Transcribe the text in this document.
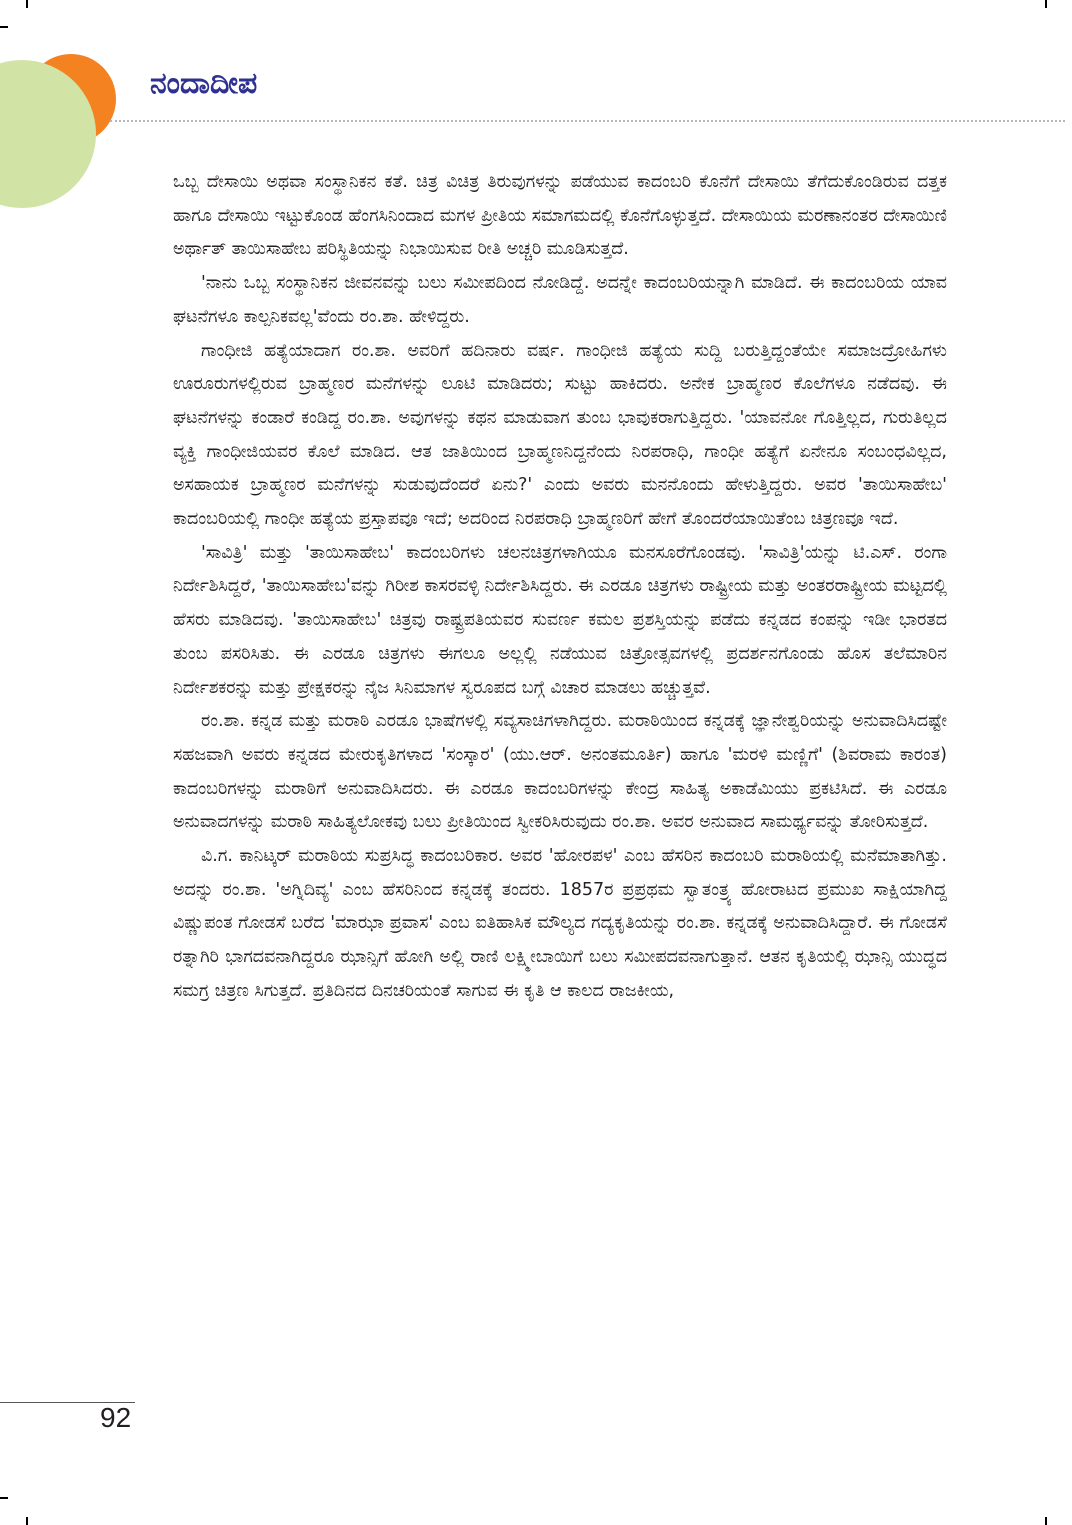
ನಂದಾದೀಪ

ಒಬ್ಬ ದೇಸಾಯಿ ಅಥವಾ ಸಂಸ್ಥಾನಿಕನ ಕತೆ. ಚಿತ್ರ ವಿಚಿತ್ರ ತಿರುವುಗಳನ್ನು ಪಡೆಯುವ ಕಾದಂಬರಿ ಕೊನೆಗೆ ದೇಸಾಯಿ ತೆಗೆದುಕೊಂಡಿರುವ ದತ್ತಕ ಹಾಗೂ ದೇಸಾಯಿ ಇಟ್ಟುಕೊಂಡ ಹೆಂಗಸಿನಿಂದಾದ ಮಗಳ ಪ್ರೀತಿಯ ಸಮಾಗಮದಲ್ಲಿ ಕೊನೆಗೊಳ್ಳುತ್ತದೆ. ದೇಸಾಯಿಯ ಮರಣಾನಂತರ ದೇಸಾಯಿಣಿ ಅರ್ಥಾತ್ ತಾಯಿಸಾಹೇಬ ಪರಿಸ್ಥಿತಿಯನ್ನು ನಿಭಾಯಿಸುವ ರೀತಿ ಅಚ್ಚರಿ ಮೂಡಿಸುತ್ತದೆ.

'ನಾನು ಒಬ್ಬ ಸಂಸ್ಥಾನಿಕನ ಜೀವನವನ್ನು ಬಲು ಸಮೀಪದಿಂದ ನೋಡಿದ್ದೆ. ಅದನ್ನೇ ಕಾದಂಬರಿಯನ್ನಾಗಿ ಮಾಡಿದೆ. ಈ ಕಾದಂಬರಿಯ ಯಾವ ಘಟನೆಗಳೂ ಕಾಲ್ಪನಿಕವಲ್ಲ'ವೆಂದು ರಂ.ಶಾ. ಹೇಳಿದ್ದರು.

ಗಾಂಧೀಜಿ ಹತ್ಯೆಯಾದಾಗ ರಂ.ಶಾ. ಅವರಿಗೆ ಹದಿನಾರು ವರ್ಷ. ಗಾಂಧೀಜಿ ಹತ್ಯೆಯ ಸುದ್ದಿ ಬರುತ್ತಿದ್ದಂತೆಯೇ ಸಮಾಜದ್ರೋಹಿಗಳು ಊರೂರುಗಳಲ್ಲಿರುವ ಬ್ರಾಹ್ಮಣರ ಮನೆಗಳನ್ನು ಲೂಟಿ ಮಾಡಿದರು; ಸುಟ್ಟು ಹಾಕಿದರು. ಅನೇಕ ಬ್ರಾಹ್ಮಣರ ಕೊಲೆಗಳೂ ನಡೆದವು. ಈ ಘಟನೆಗಳನ್ನು ಕಂಡಾರೆ ಕಂಡಿದ್ದ ರಂ.ಶಾ. ಅವುಗಳನ್ನು ಕಥನ ಮಾಡುವಾಗ ತುಂಬ ಭಾವುಕರಾಗುತ್ತಿದ್ದರು. 'ಯಾವನೋ ಗೊತ್ತಿಲ್ಲದ, ಗುರುತಿಲ್ಲದ ವ್ಯಕ್ತಿ ಗಾಂಧೀಜಿಯವರ ಕೊಲೆ ಮಾಡಿದ. ಆತ ಜಾತಿಯಿಂದ ಬ್ರಾಹ್ಮಣನಿದ್ದನೆಂದು ನಿರಪರಾಧಿ, ಗಾಂಧೀ ಹತ್ಯೆಗೆ ಏನೇನೂ ಸಂಬಂಧವಿಲ್ಲದ, ಅಸಹಾಯಕ ಬ್ರಾಹ್ಮಣರ ಮನೆಗಳನ್ನು ಸುಡುವುದೆಂದರೆ ಏನು?' ಎಂದು ಅವರು ಮನನೊಂದು ಹೇಳುತ್ತಿದ್ದರು. ಅವರ 'ತಾಯಿಸಾಹೇಬ' ಕಾದಂಬರಿಯಲ್ಲಿ ಗಾಂಧೀ ಹತ್ಯೆಯ ಪ್ರಸ್ತಾಪವೂ ಇದೆ; ಅದರಿಂದ ನಿರಪರಾಧಿ ಬ್ರಾಹ್ಮಣರಿಗೆ ಹೇಗೆ ತೊಂದರೆಯಾಯಿತೆಂಬ ಚಿತ್ರಣವೂ ಇದೆ.

'ಸಾವಿತ್ರಿ' ಮತ್ತು 'ತಾಯಿಸಾಹೇಬ' ಕಾದಂಬರಿಗಳು ಚಲನಚಿತ್ರಗಳಾಗಿಯೂ ಮನಸೂರೆಗೊಂಡವು. 'ಸಾವಿತ್ರಿ'ಯನ್ನು ಟಿ.ಎಸ್. ರಂಗಾ ನಿರ್ದೇಶಿಸಿದ್ದರೆ, 'ತಾಯಿಸಾಹೇಬ'ವನ್ನು ಗಿರೀಶ ಕಾಸರವಳ್ಳಿ ನಿರ್ದೇಶಿಸಿದ್ದರು. ಈ ಎರಡೂ ಚಿತ್ರಗಳು ರಾಷ್ಟ್ರೀಯ ಮತ್ತು ಅಂತರರಾಷ್ಟ್ರೀಯ ಮಟ್ಟದಲ್ಲಿ ಹೆಸರು ಮಾಡಿದವು. 'ತಾಯಿಸಾಹೇಬ' ಚಿತ್ರವು ರಾಷ್ಟ್ರಪತಿಯವರ ಸುವರ್ಣ ಕಮಲ ಪ್ರಶಸ್ತಿಯನ್ನು ಪಡೆದು ಕನ್ನಡದ ಕಂಪನ್ನು ಇಡೀ ಭಾರತದ ತುಂಬ ಪಸರಿಸಿತು. ಈ ಎರಡೂ ಚಿತ್ರಗಳು ಈಗಲೂ ಅಲ್ಲಲ್ಲಿ ನಡೆಯುವ ಚಿತ್ರೋತ್ಸವಗಳಲ್ಲಿ ಪ್ರದರ್ಶನಗೊಂಡು ಹೊಸ ತಲೆಮಾರಿನ ನಿರ್ದೇಶಕರನ್ನು ಮತ್ತು ಪ್ರೇಕ್ಷಕರನ್ನು ನೈಜ ಸಿನಿಮಾಗಳ ಸ್ವರೂಪದ ಬಗ್ಗೆ ವಿಚಾರ ಮಾಡಲು ಹಚ್ಚುತ್ತವೆ.

ರಂ.ಶಾ. ಕನ್ನಡ ಮತ್ತು ಮರಾಠಿ ಎರಡೂ ಭಾಷೆಗಳಲ್ಲಿ ಸವ್ಯಸಾಚಿಗಳಾಗಿದ್ದರು. ಮರಾಠಿಯಿಂದ ಕನ್ನಡಕ್ಕೆ ಜ್ಞಾನೇಶ್ವರಿಯನ್ನು ಅನುವಾದಿಸಿದಷ್ಟೇ ಸಹಜವಾಗಿ ಅವರು ಕನ್ನಡದ ಮೇರುಕೃತಿಗಳಾದ 'ಸಂಸ್ಕಾರ' (ಯು.ಆರ್. ಅನಂತಮೂರ್ತಿ) ಹಾಗೂ 'ಮರಳಿ ಮಣ್ಣಿಗೆ' (ಶಿವರಾಮ ಕಾರಂತ) ಕಾದಂಬರಿಗಳನ್ನು ಮರಾಠಿಗೆ ಅನುವಾದಿಸಿದರು. ಈ ಎರಡೂ ಕಾದಂಬರಿಗಳನ್ನು ಕೇಂದ್ರ ಸಾಹಿತ್ಯ ಅಕಾಡೆಮಿಯು ಪ್ರಕಟಿಸಿದೆ. ಈ ಎರಡೂ ಅನುವಾದಗಳನ್ನು ಮರಾಠಿ ಸಾಹಿತ್ಯಲೋಕವು ಬಲು ಪ್ರೀತಿಯಿಂದ ಸ್ವೀಕರಿಸಿರುವುದು ರಂ.ಶಾ. ಅವರ ಅನುವಾದ ಸಾಮರ್ಥ್ಯವನ್ನು ತೋರಿಸುತ್ತದೆ.

ವಿ.ಗ. ಕಾನಿಟ್ಕರ್ ಮರಾಠಿಯ ಸುಪ್ರಸಿದ್ಧ ಕಾದಂಬರಿಕಾರ. ಅವರ 'ಹೋರಪಳ' ಎಂಬ ಹೆಸರಿನ ಕಾದಂಬರಿ ಮರಾಠಿಯಲ್ಲಿ ಮನೆಮಾತಾಗಿತ್ತು. ಅದನ್ನು ರಂ.ಶಾ. 'ಅಗ್ನಿದಿವ್ಯ' ಎಂಬ ಹೆಸರಿನಿಂದ ಕನ್ನಡಕ್ಕೆ ತಂದರು. 1857ರ ಪ್ರಪ್ರಥಮ ಸ್ವಾತಂತ್ರ್ಯ ಹೋರಾಟದ ಪ್ರಮುಖ ಸಾಕ್ಷಿಯಾಗಿದ್ದ ವಿಷ್ಣುಪಂತ ಗೋಡಸೆ ಬರೆದ 'ಮಾಝಾ ಪ್ರವಾಸ' ಎಂಬ ಐತಿಹಾಸಿಕ ಮೌಲ್ಯದ ಗದ್ಯಕೃತಿಯನ್ನು ರಂ.ಶಾ. ಕನ್ನಡಕ್ಕೆ ಅನುವಾದಿಸಿದ್ದಾರೆ. ಈ ಗೋಡಸೆ ರತ್ನಾಗಿರಿ ಭಾಗದವನಾಗಿದ್ದರೂ ಝಾನ್ಸಿಗೆ ಹೋಗಿ ಅಲ್ಲಿ ರಾಣಿ ಲಕ್ಷ್ಮೀಬಾಯಿಗೆ ಬಲು ಸಮೀಪದವನಾಗುತ್ತಾನೆ. ಆತನ ಕೃತಿಯಲ್ಲಿ ಝಾನ್ಸಿ ಯುದ್ಧದ ಸಮಗ್ರ ಚಿತ್ರಣ ಸಿಗುತ್ತದೆ. ಪ್ರತಿದಿನದ ದಿನಚರಿಯಂತೆ ಸಾಗುವ ಈ ಕೃತಿ ಆ ಕಾಲದ ರಾಜಕೀಯ,

92
